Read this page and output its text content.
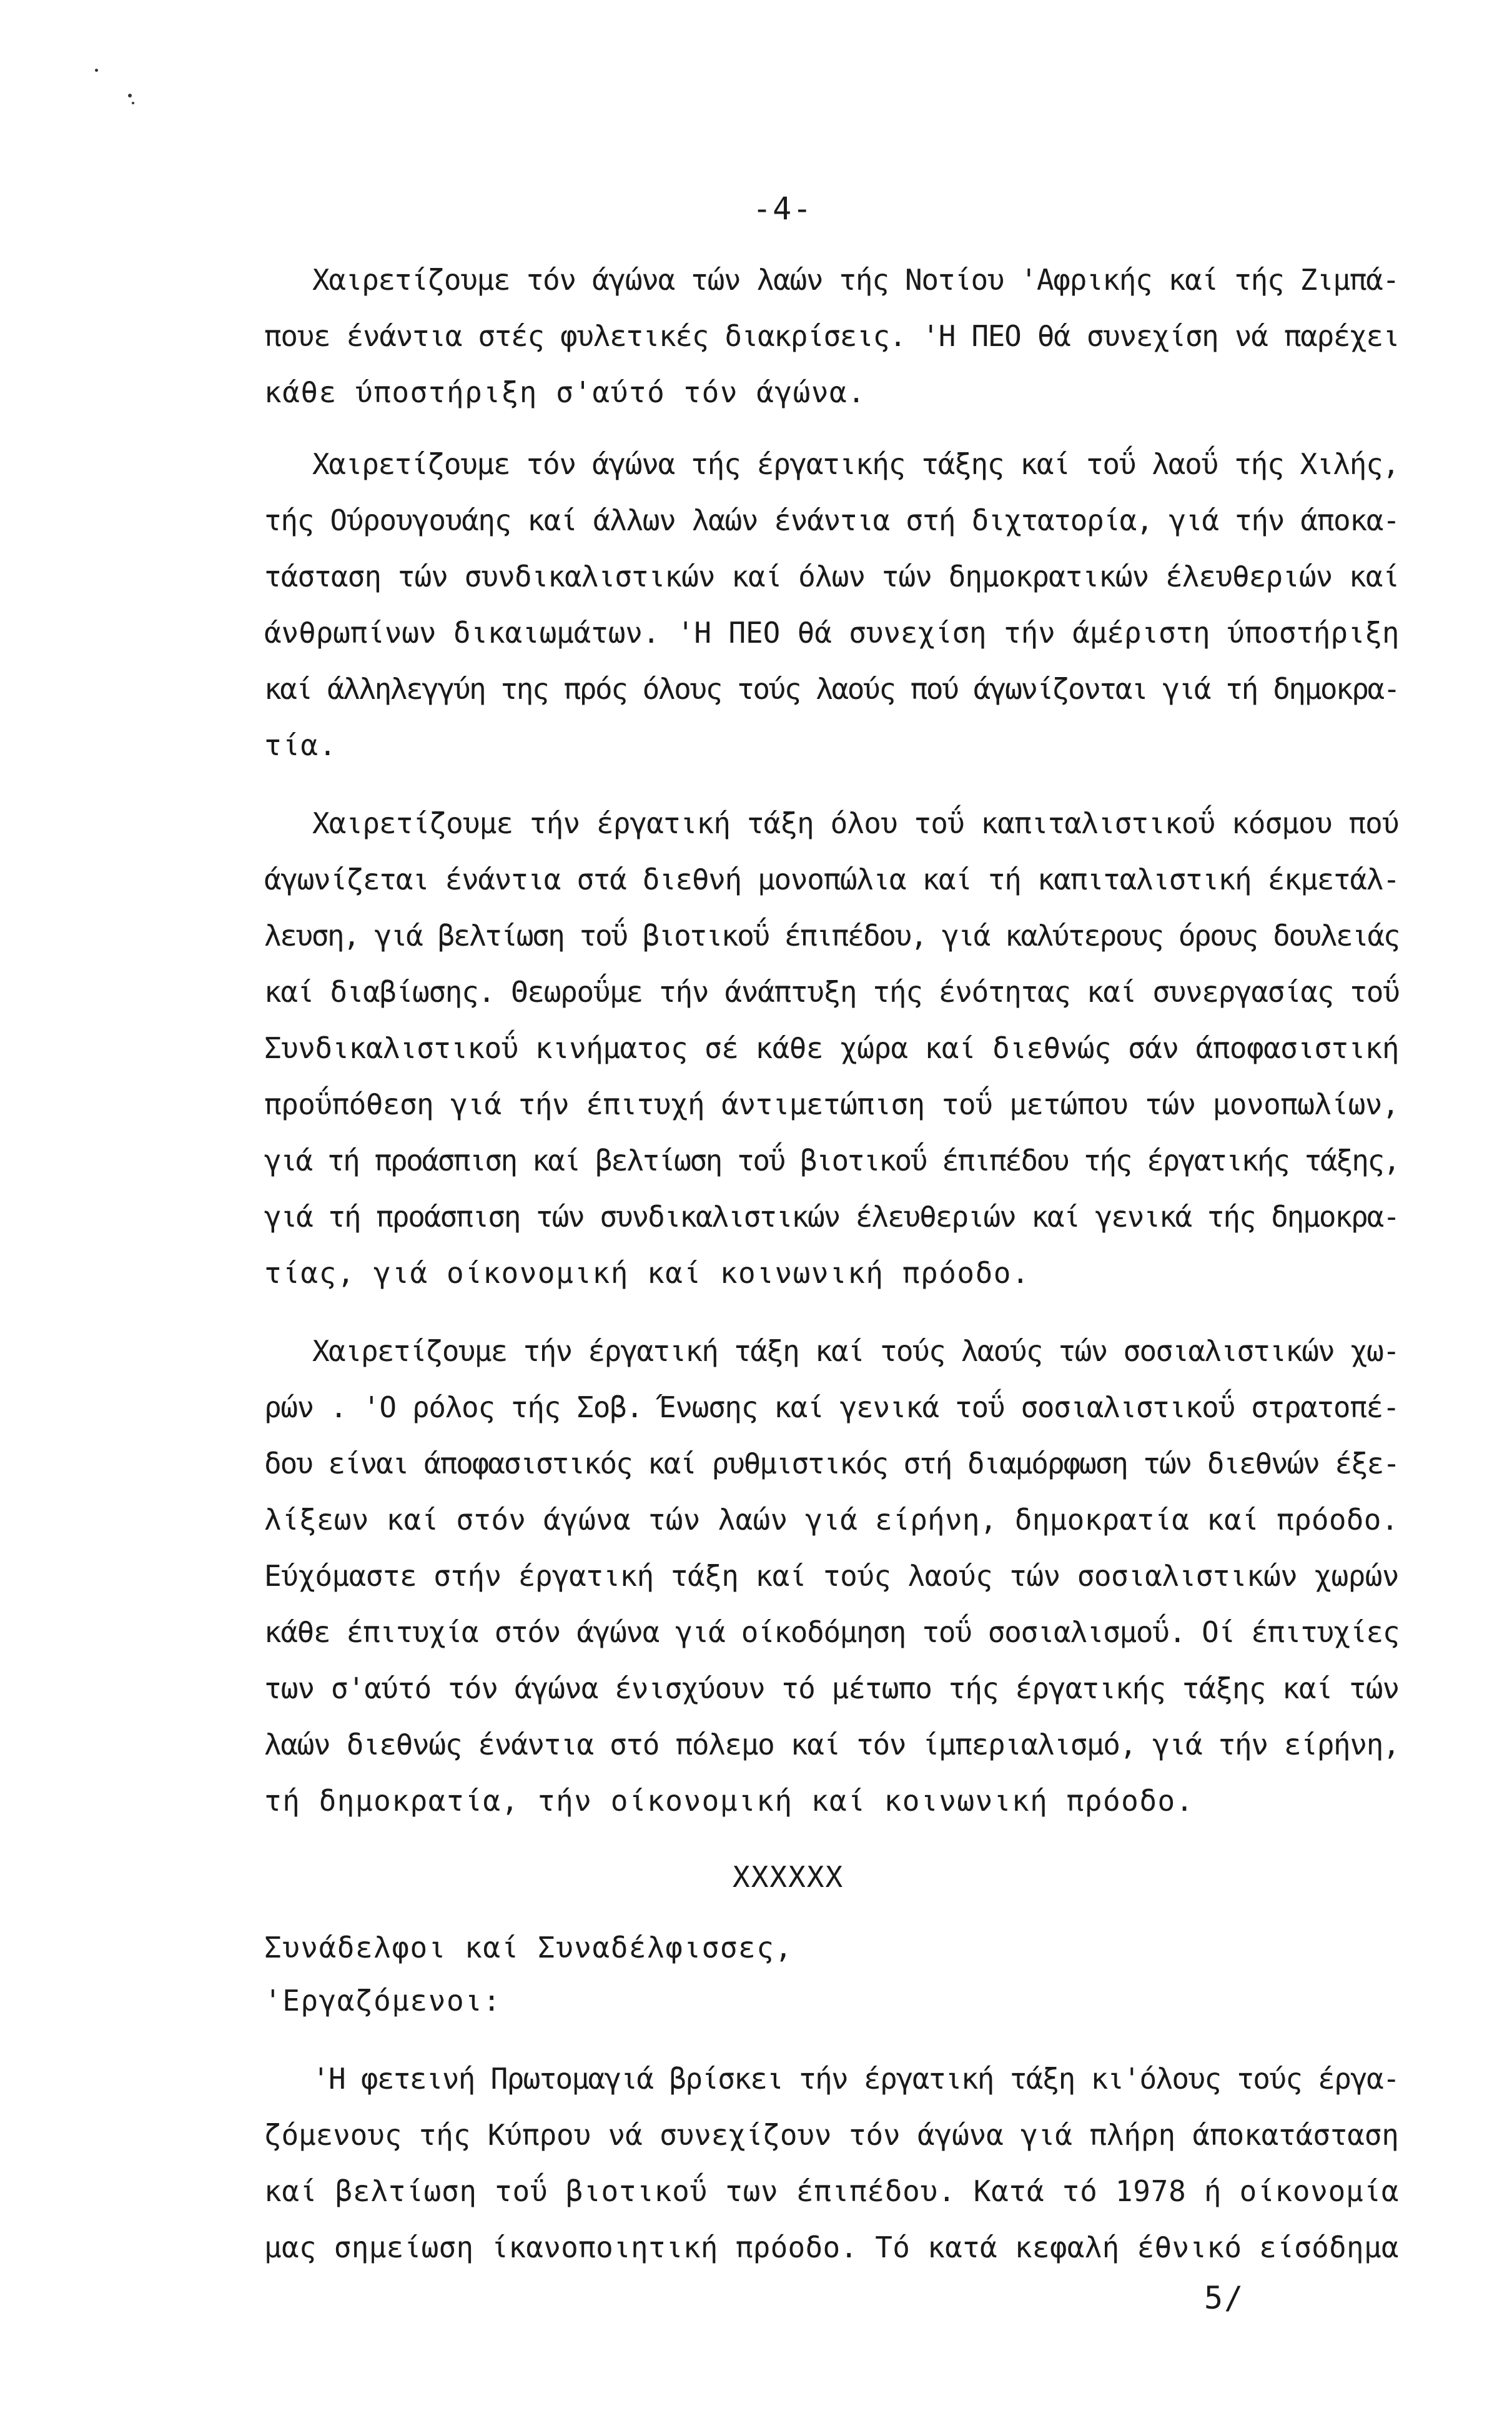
-4-
Χαιρετίζουμε τόν άγώνα τών λαών τής Νοτίου 'Αφρικής καί τής Ζιμπά-
πουε ένάντια στές φυλετικές διακρίσεις. 'Η ΠΕΟ θά συνεχίση νά παρέχει
κάθε ύποστήριξη σ'αύτό τόν άγώνα.
Χαιρετίζουμε τόν άγώνα τής έργατικής τάξης καί τοΰ λαοΰ τής Χιλής,
τής Ούρουγουάης καί άλλων λαών ένάντια στή διχτατορία, γιά τήν άποκα-
τάσταση τών συνδικαλιστικών καί όλων τών δημοκρατικών έλευθεριών καί
άνθρωπίνων δικαιωμάτων. 'Η ΠΕΟ θά συνεχίση τήν άμέριστη ύποστήριξη
καί άλληλεγγύη της πρός όλους τούς λαούς πού άγωνίζονται γιά τή δημοκρα-
τία.
Χαιρετίζουμε τήν έργατική τάξη όλου τοΰ καπιταλιστικοΰ κόσμου πού
άγωνίζεται ένάντια στά διεθνή μονοπώλια καί τή καπιταλιστική έκμετάλ-
λευση, γιά βελτίωση τοΰ βιοτικοΰ έπιπέδου, γιά καλύτερους όρους δουλειάς
καί διαβίωσης. Θεωροΰμε τήν άνάπτυξη τής ένότητας καί συνεργασίας τοΰ
Συνδικαλιστικοΰ κινήματος σέ κάθε χώρα καί διεθνώς σάν άποφασιστική
προΰπόθεση γιά τήν έπιτυχή άντιμετώπιση τοΰ μετώπου τών μονοπωλίων,
γιά τή προάσπιση καί βελτίωση τοΰ βιοτικοΰ έπιπέδου τής έργατικής τάξης,
γιά τή προάσπιση τών συνδικαλιστικών έλευθεριών καί γενικά τής δημοκρα-
τίας, γιά οίκονομική καί κοινωνική πρόοδο.
Χαιρετίζουμε τήν έργατική τάξη καί τούς λαούς τών σοσιαλιστικών χω-
ρών . 'Ο ρόλος τής Σοβ. Ένωσης καί γενικά τοΰ σοσιαλιστικοΰ στρατοπέ-
δου είναι άποφασιστικός καί ρυθμιστικός στή διαμόρφωση τών διεθνών έξε-
λίξεων καί στόν άγώνα τών λαών γιά είρήνη, δημοκρατία καί πρόοδο.
Εύχόμαστε στήν έργατική τάξη καί τούς λαούς τών σοσιαλιστικών χωρών
κάθε έπιτυχία στόν άγώνα γιά οίκοδόμηση τοΰ σοσιαλισμοΰ. Οί έπιτυχίες
των σ'αύτό τόν άγώνα ένισχύουν τό μέτωπο τής έργατικής τάξης καί τών
λαών διεθνώς ένάντια στό πόλεμο καί τόν ίμπεριαλισμό, γιά τήν είρήνη,
τή δημοκρατία, τήν οίκονομική καί κοινωνική πρόοδο.
XXXXXX
Συνάδελφοι καί Συναδέλφισσες,
'Εργαζόμενοι:
'Η φετεινή Πρωτομαγιά βρίσκει τήν έργατική τάξη κι'όλους τούς έργα-
ζόμενους τής Κύπρου νά συνεχίζουν τόν άγώνα γιά πλήρη άποκατάσταση
καί βελτίωση τοΰ βιοτικοΰ των έπιπέδου. Κατά τό 1978 ή οίκονομία
μας σημείωση ίκανοποιητική πρόοδο. Τό κατά κεφαλή έθνικό είσόδημα
5/
